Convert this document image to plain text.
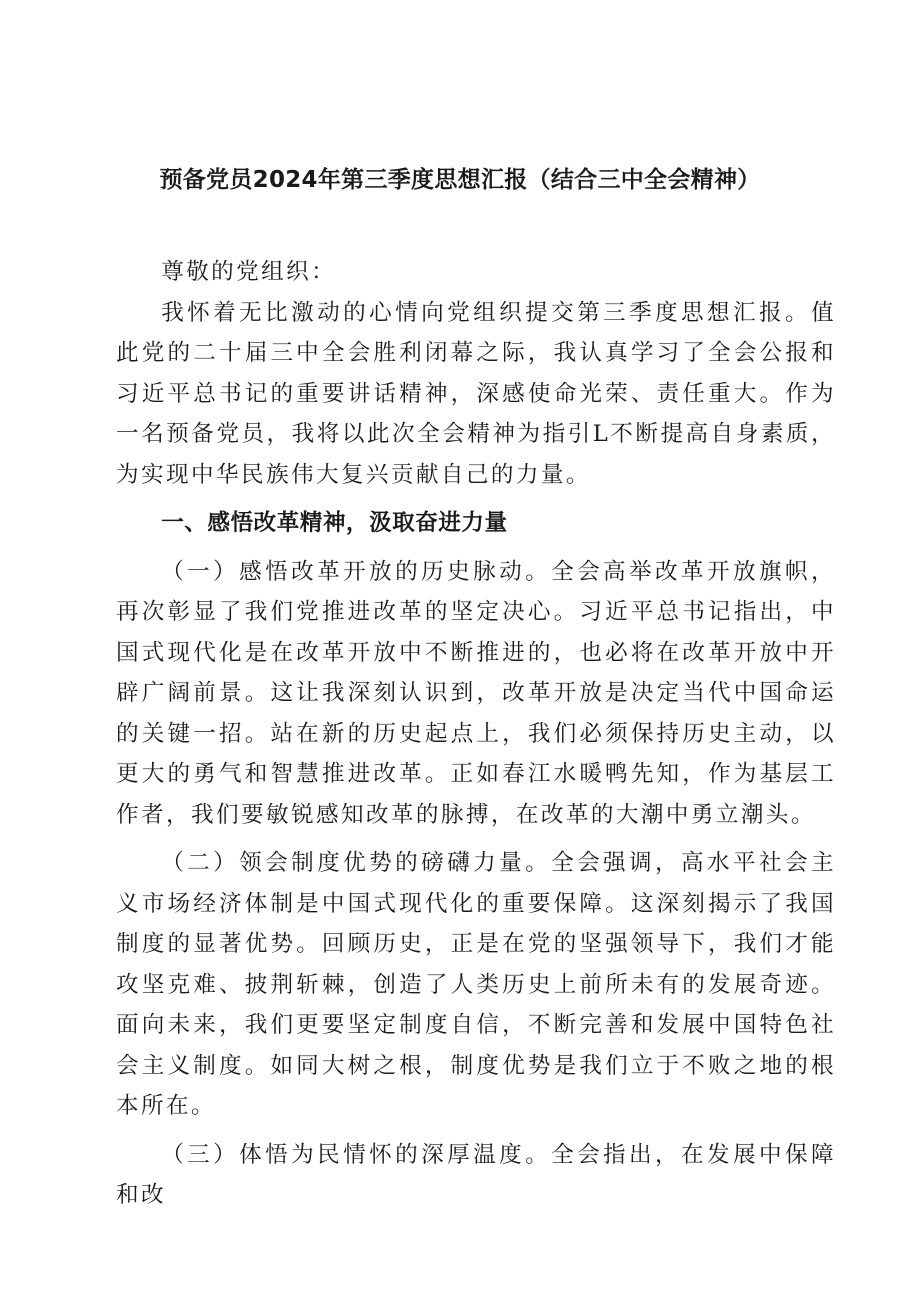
预备党员2024年第三季度思想汇报（结合三中全会精神）

尊敬的党组织：

我怀着无比激动的心情向党组织提交第三季度思想汇报。值此党的二十届三中全会胜利闭幕之际，我认真学习了全会公报和习近平总书记的重要讲话精神，深感使命光荣、责任重大。作为一名预备党员，我将以此次全会精神为指引L不断提高自身素质，为实现中华民族伟大复兴贡献自己的力量。

一、感悟改革精神，汲取奋进力量

（一）感悟改革开放的历史脉动。全会高举改革开放旗帜，再次彰显了我们党推进改革的坚定决心。习近平总书记指出，中国式现代化是在改革开放中不断推进的，也必将在改革开放中开辟广阔前景。这让我深刻认识到，改革开放是决定当代中国命运的关键一招。站在新的历史起点上，我们必须保持历史主动，以更大的勇气和智慧推进改革。正如春江水暖鸭先知，作为基层工作者，我们要敏锐感知改革的脉搏，在改革的大潮中勇立潮头。

（二）领会制度优势的磅礴力量。全会强调，高水平社会主义市场经济体制是中国式现代化的重要保障。这深刻揭示了我国制度的显著优势。回顾历史，正是在党的坚强领导下，我们才能攻坚克难、披荆斩棘，创造了人类历史上前所未有的发展奇迹。面向未来，我们更要坚定制度自信，不断完善和发展中国特色社会主义制度。如同大树之根，制度优势是我们立于不败之地的根本所在。

（三）体悟为民情怀的深厚温度。全会指出，在发展中保障和改
